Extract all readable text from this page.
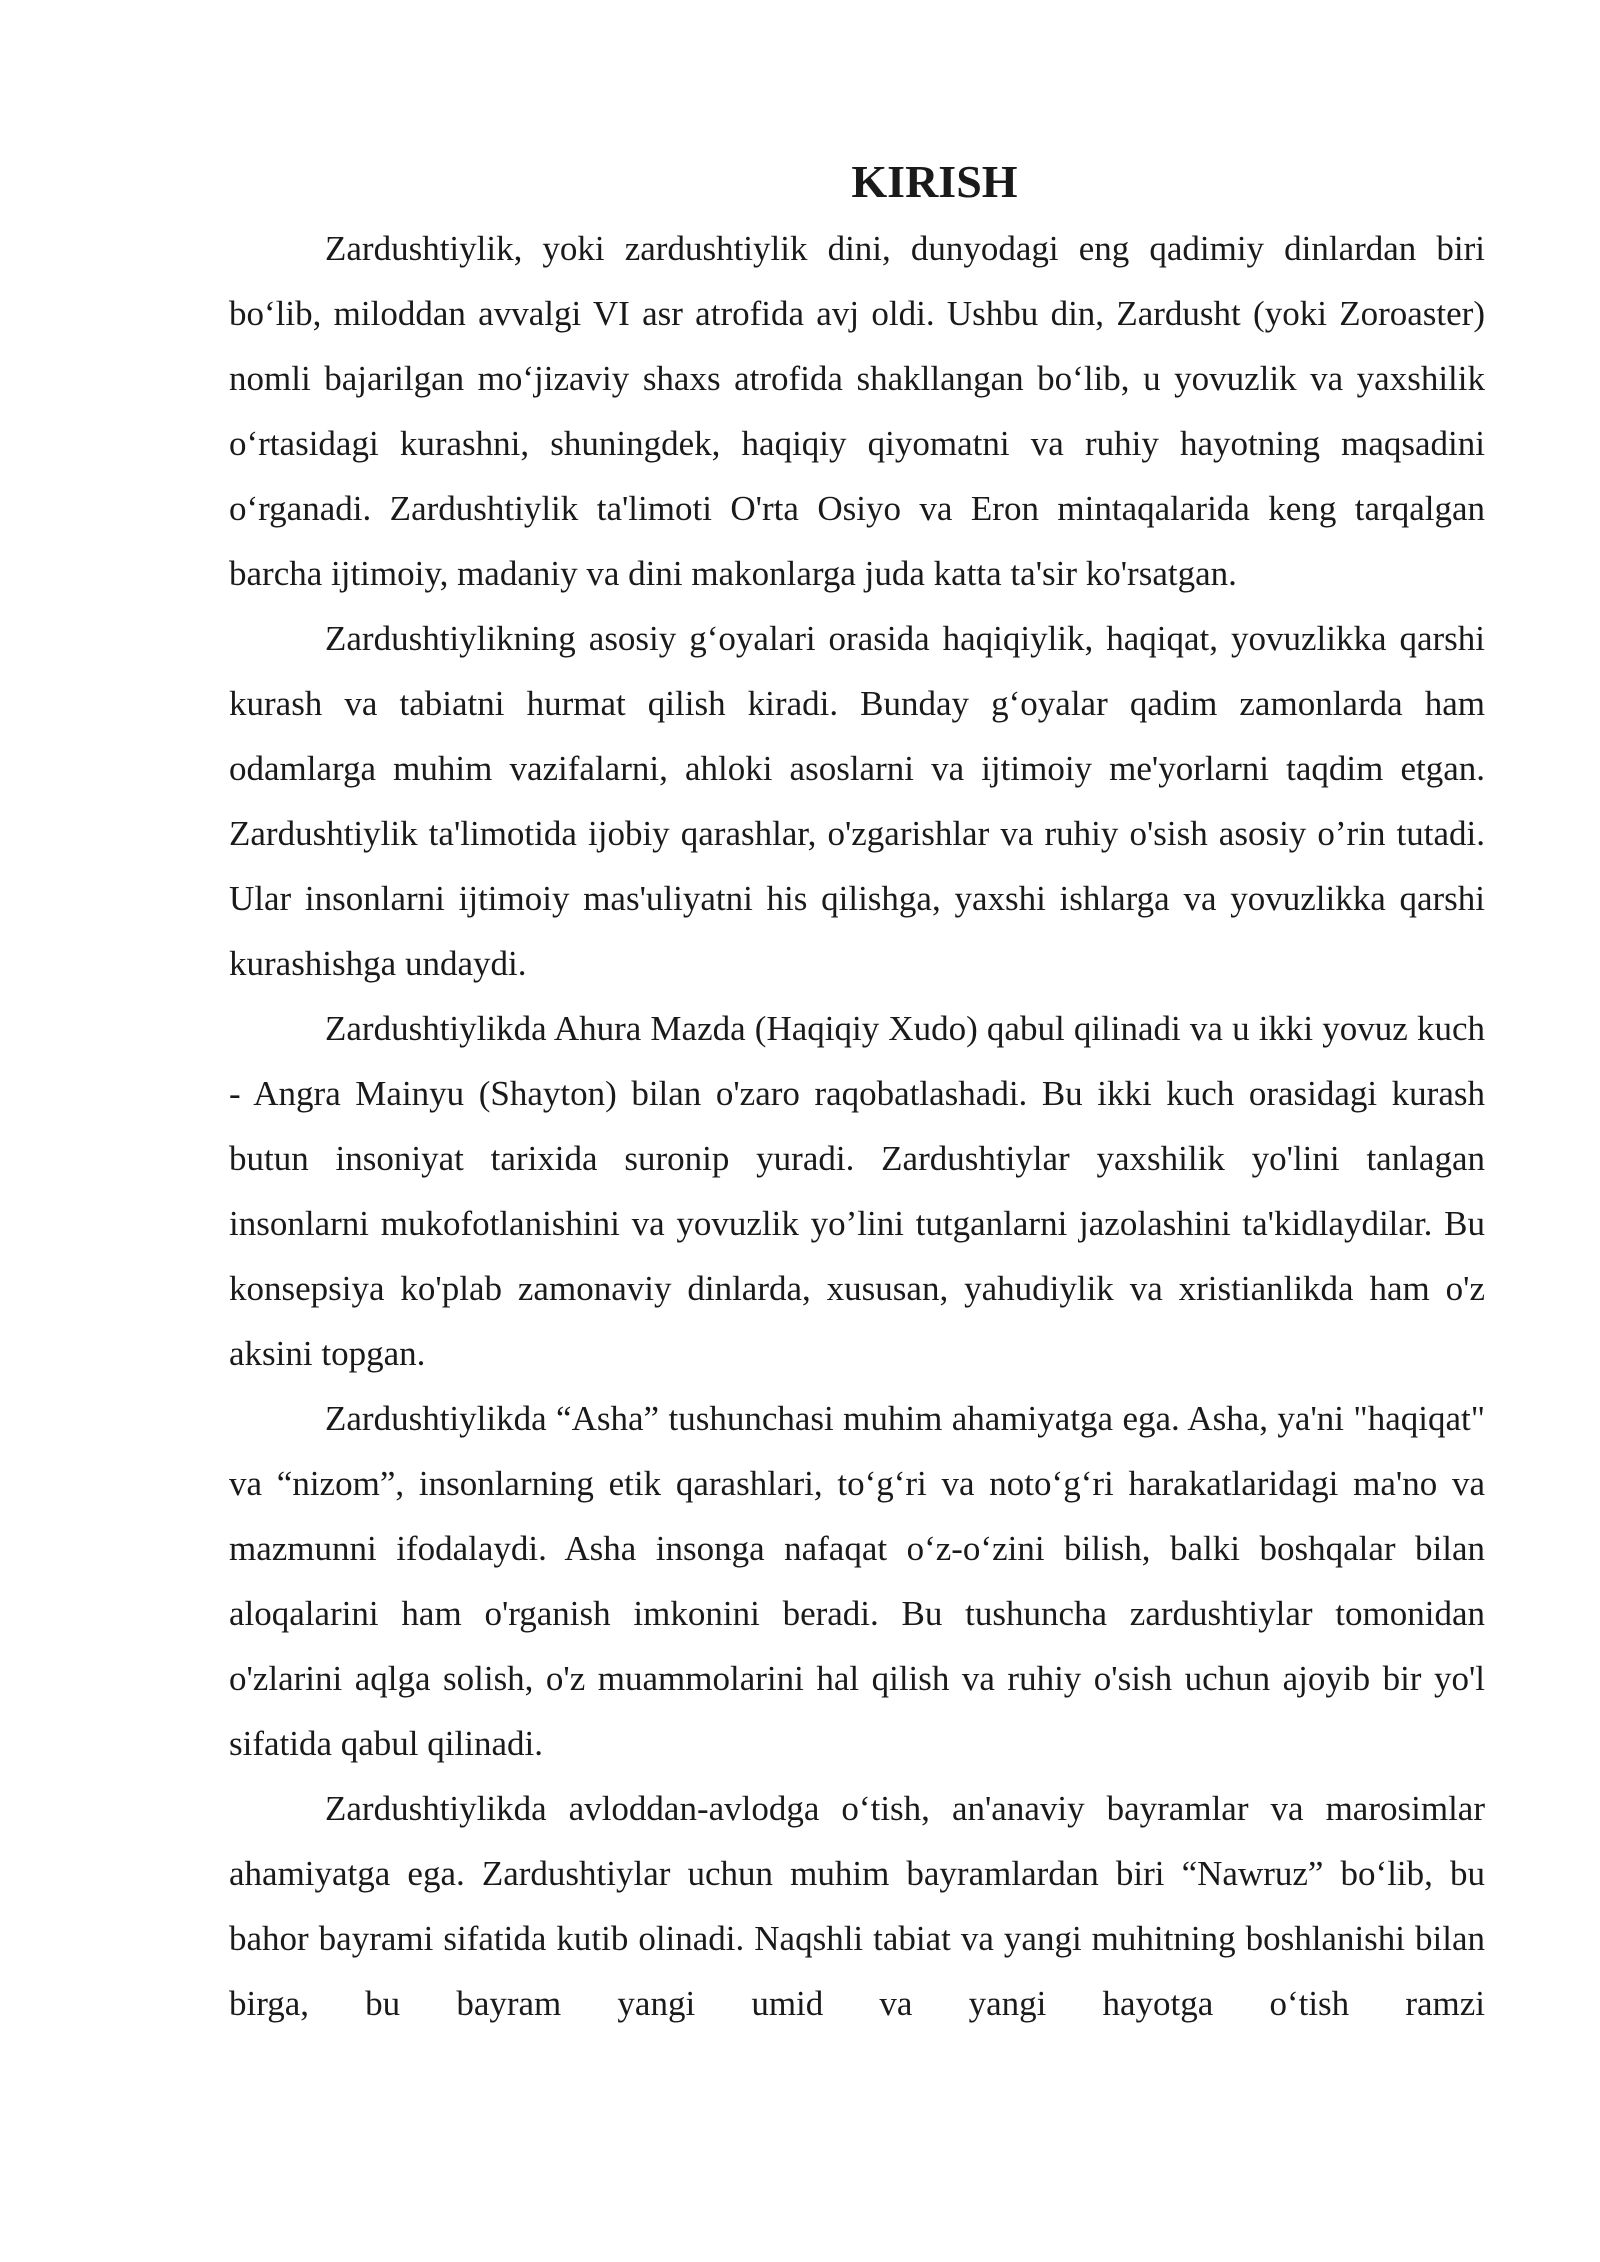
KIRISH

Zardushtiylik, yoki zardushtiylik dini, dunyodagi eng qadimiy dinlardan biri bo‘lib, miloddan avvalgi VI asr atrofida avj oldi. Ushbu din, Zardusht (yoki Zoroaster) nomli bajarilgan mo‘jizaviy shaxs atrofida shakllangan bo‘lib, u yovuzlik va yaxshilik o‘rtasidagi kurashni, shuningdek, haqiqiy qiyomatni va ruhiy hayotning maqsadini o‘rganadi. Zardushtiylik ta'limoti O'rta Osiyo va Eron mintaqalarida keng tarqalgan barcha ijtimoiy, madaniy va dini makonlarga juda katta ta'sir ko'rsatgan.

Zardushtiylikning asosiy g‘oyalari orasida haqiqiylik, haqiqat, yovuzlikka qarshi kurash va tabiatni hurmat qilish kiradi. Bunday g‘oyalar qadim zamonlarda ham odamlarga muhim vazifalarni, ahloki asoslarni va ijtimoiy me'yorlarni taqdim etgan. Zardushtiylik ta'limotida ijobiy qarashlar, o'zgarishlar va ruhiy o'sish asosiy o’rin tutadi. Ular insonlarni ijtimoiy mas'uliyatni his qilishga, yaxshi ishlarga va yovuzlikka qarshi kurashishga undaydi.

Zardushtiylikda Ahura Mazda (Haqiqiy Xudo) qabul qilinadi va u ikki yovuz kuch - Angra Mainyu (Shayton) bilan o'zaro raqobatlashadi. Bu ikki kuch orasidagi kurash butun insoniyat tarixida suronip yuradi. Zardushtiylar yaxshilik yo'lini tanlagan insonlarni mukofotlanishini va yovuzlik yo’lini tutganlarni jazolashini ta'kidlaydilar. Bu konsepsiya ko'plab zamonaviy dinlarda, xususan, yahudiylik va xristianlikda ham o'z aksini topgan.

Zardushtiylikda “Asha” tushunchasi muhim ahamiyatga ega. Asha, ya'ni "haqiqat" va “nizom”, insonlarning etik qarashlari, to‘g‘ri va noto‘g‘ri harakatlaridagi ma'no va mazmunni ifodalaydi. Asha insonga nafaqat o‘z-o‘zini bilish, balki boshqalar bilan aloqalarini ham o'rganish imkonini beradi. Bu tushuncha zardushtiylar tomonidan o'zlarini aqlga solish, o'z muammolarini hal qilish va ruhiy o'sish uchun ajoyib bir yo'l sifatida qabul qilinadi.

Zardushtiylikda avloddan-avlodga o‘tish, an'anaviy bayramlar va marosimlar ahamiyatga ega. Zardushtiylar uchun muhim bayramlardan biri “Nawruz” bo‘lib, bu bahor bayrami sifatida kutib olinadi. Naqshli tabiat va yangi muhitning boshlanishi bilan birga, bu bayram yangi umid va yangi hayotga o‘tish ramzi
